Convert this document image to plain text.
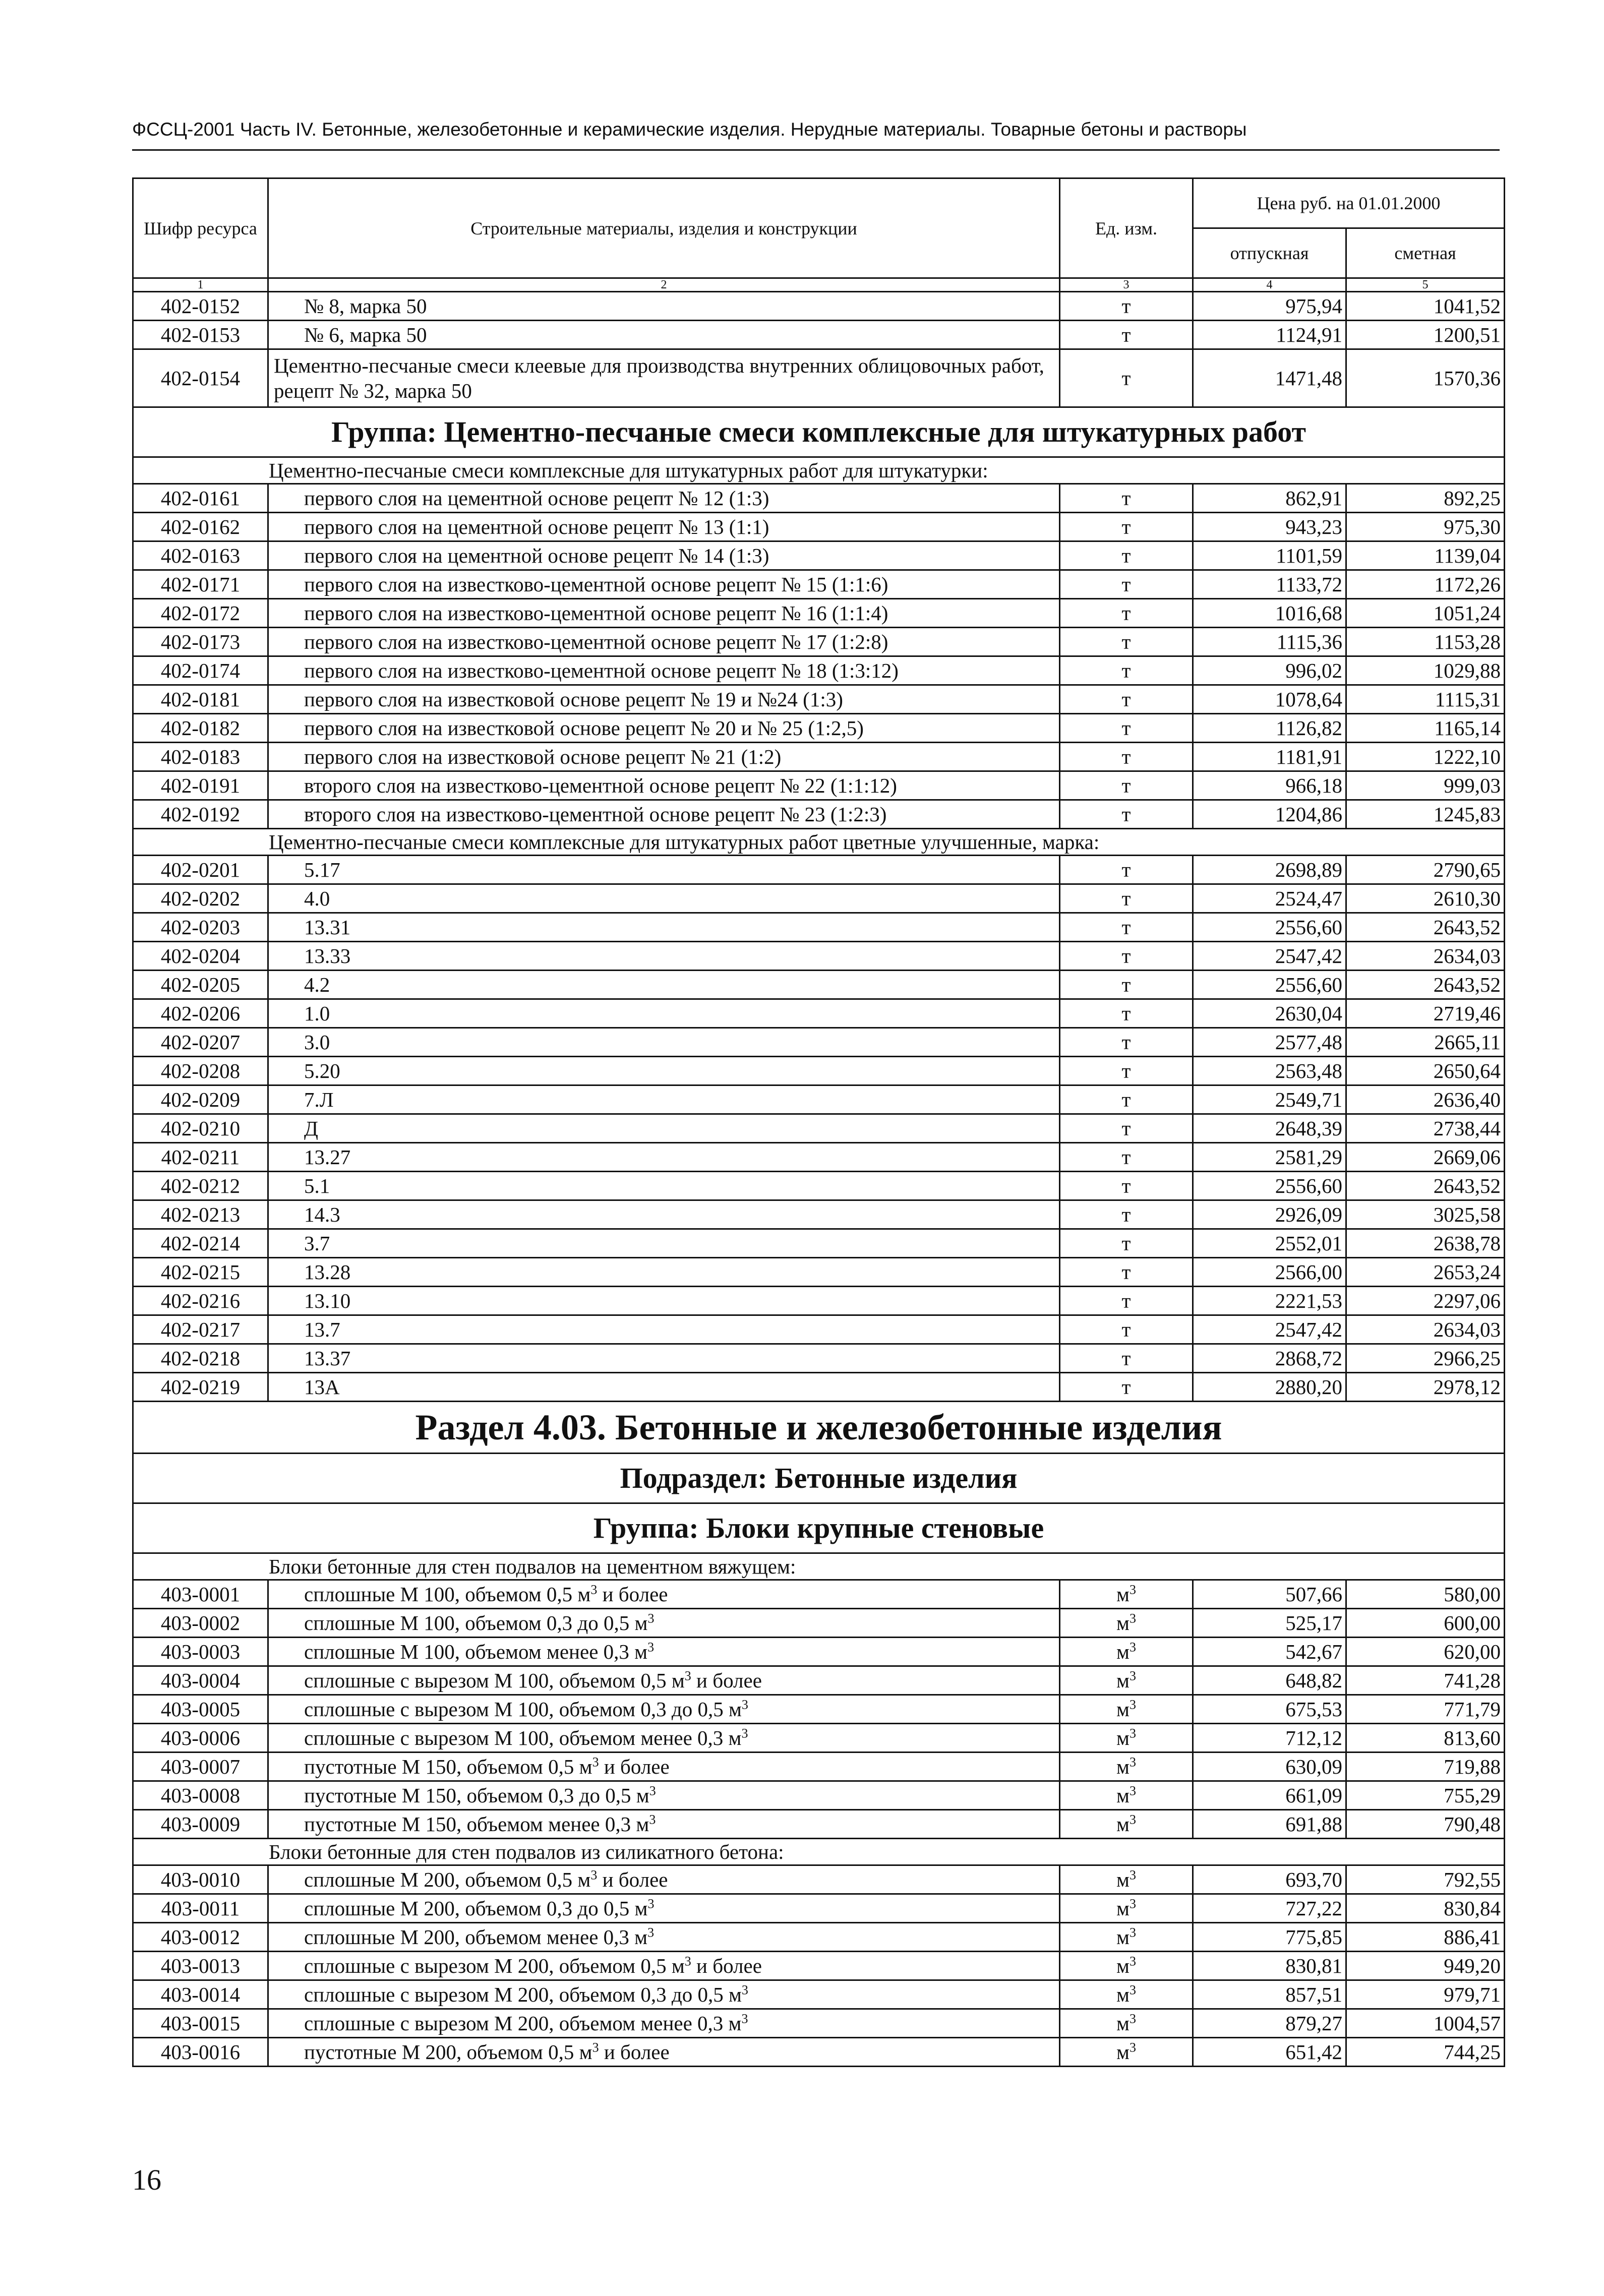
ФССЦ-2001 Часть IV. Бетонные, железобетонные и керамические изделия. Нерудные материалы. Товарные бетоны и растворы
Шифр ресурса	Строительные материалы, изделия и конструкции	Ед. изм.	Цена руб. на 01.01.2000	
			отпускная	сметная
1	2	3	4	5
402-0152	№ 8, марка 50	т	975,94	1041,52
402-0153	№ 6, марка 50	т	1124,91	1200,51
402-0154	Цементно-песчаные смеси клеевые для производства внутренних облицовочных работ, рецепт № 32, марка 50	т	1471,48	1570,36
Группа: Цементно-песчаные смеси комплексные для штукатурных работ				
Цементно-песчаные смеси комплексные для штукатурных работ для штукатурки:				
402-0161	первого слоя на цементной основе рецепт № 12 (1:3)	т	862,91	892,25
402-0162	первого слоя на цементной основе рецепт № 13 (1:1)	т	943,23	975,30
402-0163	первого слоя на цементной основе рецепт № 14 (1:3)	т	1101,59	1139,04
402-0171	первого слоя на известково-цементной основе рецепт № 15 (1:1:6)	т	1133,72	1172,26
402-0172	первого слоя на известково-цементной основе рецепт № 16 (1:1:4)	т	1016,68	1051,24
402-0173	первого слоя на известково-цементной основе рецепт № 17 (1:2:8)	т	1115,36	1153,28
402-0174	первого слоя на известково-цементной основе рецепт № 18 (1:3:12)	т	996,02	1029,88
402-0181	первого слоя на известковой основе рецепт № 19 и №24 (1:3)	т	1078,64	1115,31
402-0182	первого слоя на известковой основе рецепт № 20 и № 25 (1:2,5)	т	1126,82	1165,14
402-0183	первого слоя на известковой основе рецепт № 21 (1:2)	т	1181,91	1222,10
402-0191	второго слоя на известково-цементной основе рецепт № 22 (1:1:12)	т	966,18	999,03
402-0192	второго слоя на известково-цементной основе рецепт № 23 (1:2:3)	т	1204,86	1245,83
Цементно-песчаные смеси комплексные для штукатурных работ цветные улучшенные, марка:				
402-0201	5.17	т	2698,89	2790,65
402-0202	4.0	т	2524,47	2610,30
402-0203	13.31	т	2556,60	2643,52
402-0204	13.33	т	2547,42	2634,03
402-0205	4.2	т	2556,60	2643,52
402-0206	1.0	т	2630,04	2719,46
402-0207	3.0	т	2577,48	2665,11
402-0208	5.20	т	2563,48	2650,64
402-0209	7.Л	т	2549,71	2636,40
402-0210	Д	т	2648,39	2738,44
402-0211	13.27	т	2581,29	2669,06
402-0212	5.1	т	2556,60	2643,52
402-0213	14.3	т	2926,09	3025,58
402-0214	3.7	т	2552,01	2638,78
402-0215	13.28	т	2566,00	2653,24
402-0216	13.10	т	2221,53	2297,06
402-0217	13.7	т	2547,42	2634,03
402-0218	13.37	т	2868,72	2966,25
402-0219	13А	т	2880,20	2978,12
Раздел 4.03. Бетонные и железобетонные изделия				
Подраздел: Бетонные изделия				
Группа: Блоки крупные стеновые				
Блоки бетонные для стен подвалов на цементном вяжущем:				
403-0001	сплошные М 100, объемом 0,5 $м^3$ и более	$м^3$	507,66	580,00
403-0002	сплошные М 100, объемом 0,3 до 0,5 $м^3$	$м^3$	525,17	600,00
403-0003	сплошные М 100, объемом менее 0,3 $м^3$	$м^3$	542,67	620,00
403-0004	сплошные с вырезом М 100, объемом 0,5 $м^3$ и более	$м^3$	648,82	741,28
403-0005	сплошные с вырезом М 100, объемом 0,3 до 0,5 $м^3$	$м^3$	675,53	771,79
403-0006	сплошные с вырезом М 100, объемом менее 0,3 $м^3$	$м^3$	712,12	813,60
403-0007	пустотные М 150, объемом 0,5 $м^3$ и более	$м^3$	630,09	719,88
403-0008	пустотные М 150, объемом 0,3 до 0,5 $м^3$	$м^3$	661,09	755,29
403-0009	пустотные М 150, объемом менее 0,3 $м^3$	$м^3$	691,88	790,48
Блоки бетонные для стен подвалов из силикатного бетона:				
403-0010	сплошные М 200, объемом 0,5 $м^3$ и более	$м^3$	693,70	792,55
403-0011	сплошные М 200, объемом 0,3 до 0,5 $м^3$	$м^3$	727,22	830,84
403-0012	сплошные М 200, объемом менее 0,3 $м^3$	$м^3$	775,85	886,41
403-0013	сплошные с вырезом М 200, объемом 0,5 $м^3$ и более	$м^3$	830,81	949,20
403-0014	сплошные с вырезом М 200, объемом 0,3 до 0,5 $м^3$	$м^3$	857,51	979,71
403-0015	сплошные с вырезом М 200, объемом менее 0,3 $м^3$	$м^3$	879,27	1004,57
403-0016	пустотные М 200, объемом 0,5 $м^3$ и более	$м^3$	651,42	744,25
16
